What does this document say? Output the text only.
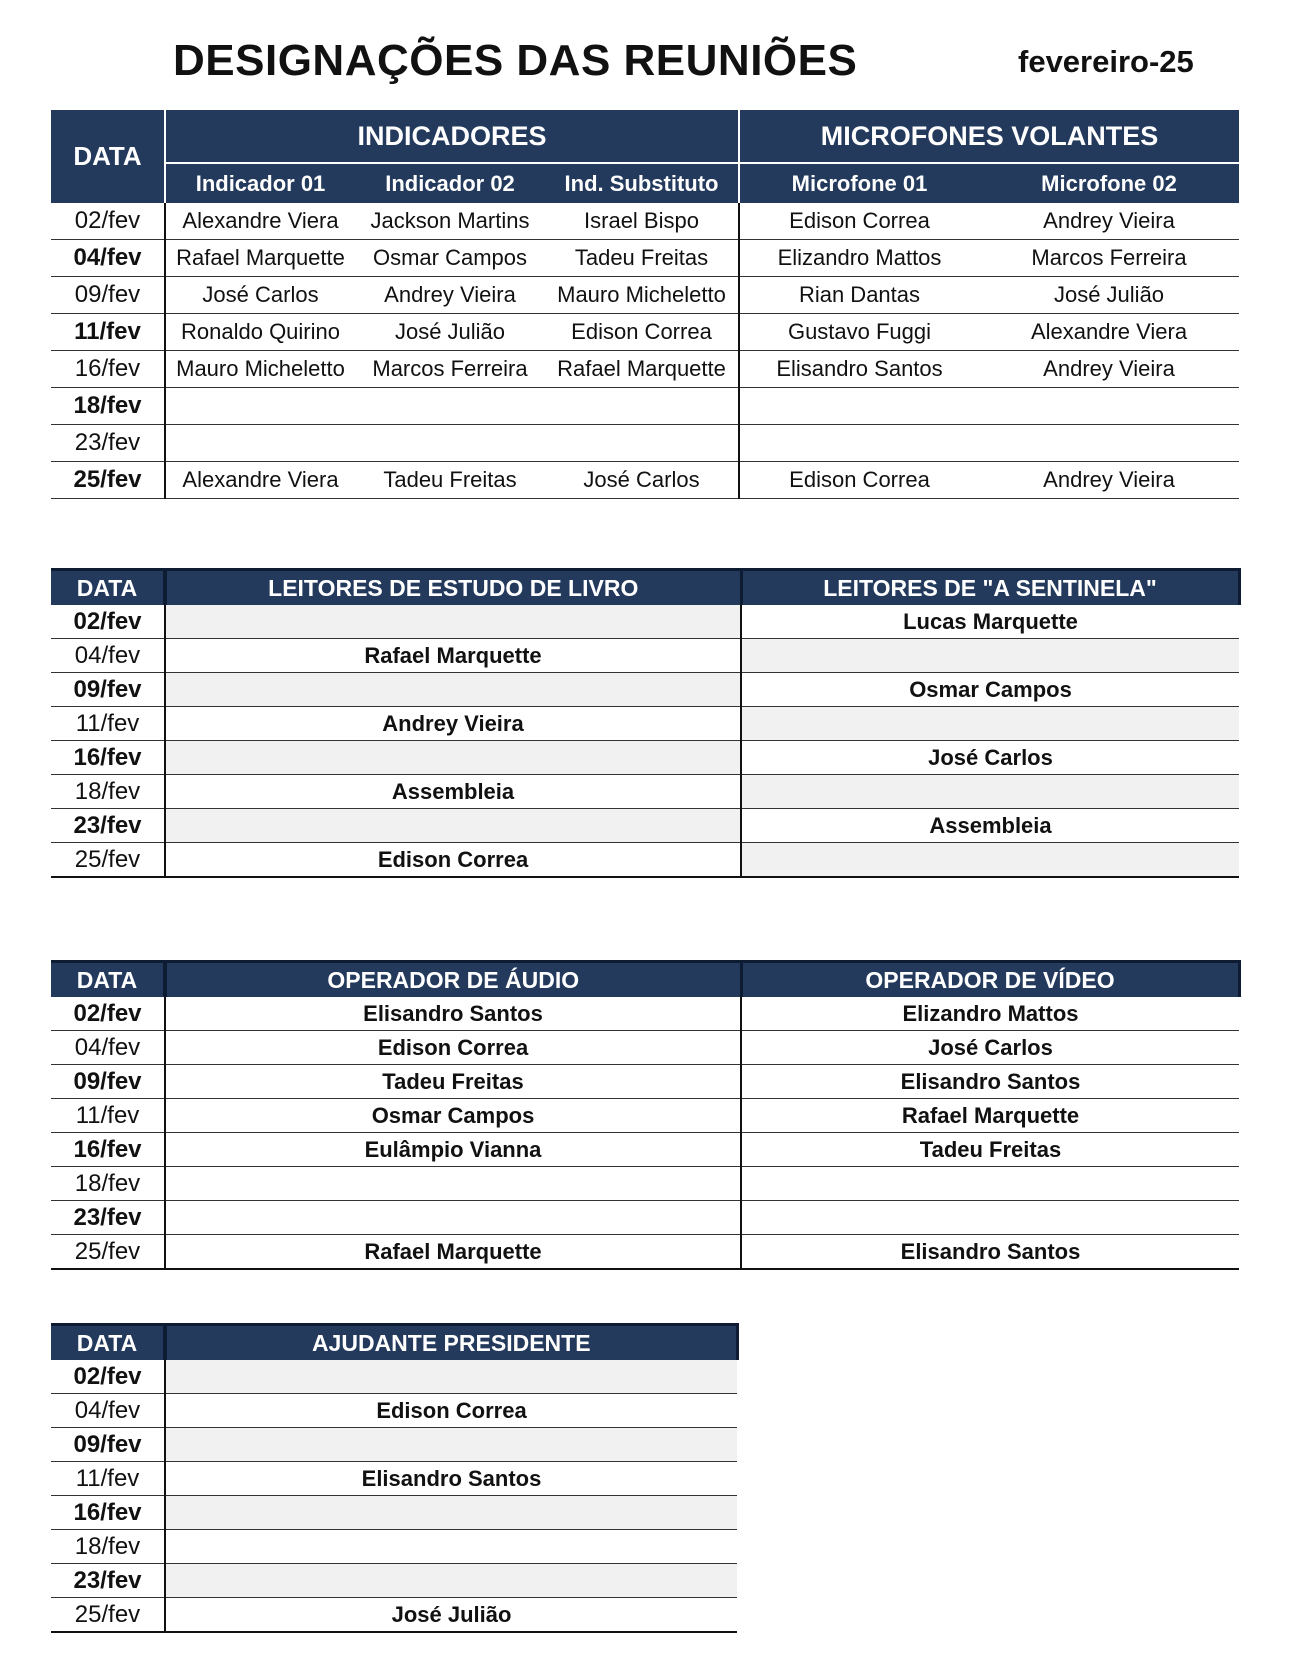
DESIGNAÇÕES DAS REUNIÕES	fevereiro-25
DATA	INDICADORES			MICROFONES VOLANTES	
	Indicador 01	Indicador 02	Ind. Substituto	Microfone 01	Microfone 02
02/fev	Alexandre Viera	Jackson Martins	Israel Bispo	Edison Correa	Andrey Vieira
04/fev	Rafael Marquette	Osmar Campos	Tadeu Freitas	Elizandro Mattos	Marcos Ferreira
09/fev	José Carlos	Andrey Vieira	Mauro Micheletto	Rian Dantas	José Julião
11/fev	Ronaldo Quirino	José Julião	Edison Correa	Gustavo Fuggi	Alexandre Viera
16/fev	Mauro Micheletto	Marcos Ferreira	Rafael Marquette	Elisandro Santos	Andrey Vieira
18/fev					
23/fev					
25/fev	Alexandre Viera	Tadeu Freitas	José Carlos	Edison Correa	Andrey Vieira
DATA	LEITORES DE ESTUDO DE LIVRO	LEITORES DE "A SENTINELA"
02/fev		Lucas Marquette
04/fev	Rafael Marquette	
09/fev		Osmar Campos
11/fev	Andrey Vieira	
16/fev		José Carlos
18/fev	Assembleia	
23/fev		Assembleia
25/fev	Edison Correa	
DATA	OPERADOR DE ÁUDIO	OPERADOR DE VÍDEO
02/fev	Elisandro Santos	Elizandro Mattos
04/fev	Edison Correa	José Carlos
09/fev	Tadeu Freitas	Elisandro Santos
11/fev	Osmar Campos	Rafael Marquette
16/fev	Eulâmpio Vianna	Tadeu Freitas
18/fev		
23/fev		
25/fev	Rafael Marquette	Elisandro Santos
DATA	AJUDANTE PRESIDENTE
02/fev	
04/fev	Edison Correa
09/fev	
11/fev	Elisandro Santos
16/fev	
18/fev	
23/fev	
25/fev	José Julião
